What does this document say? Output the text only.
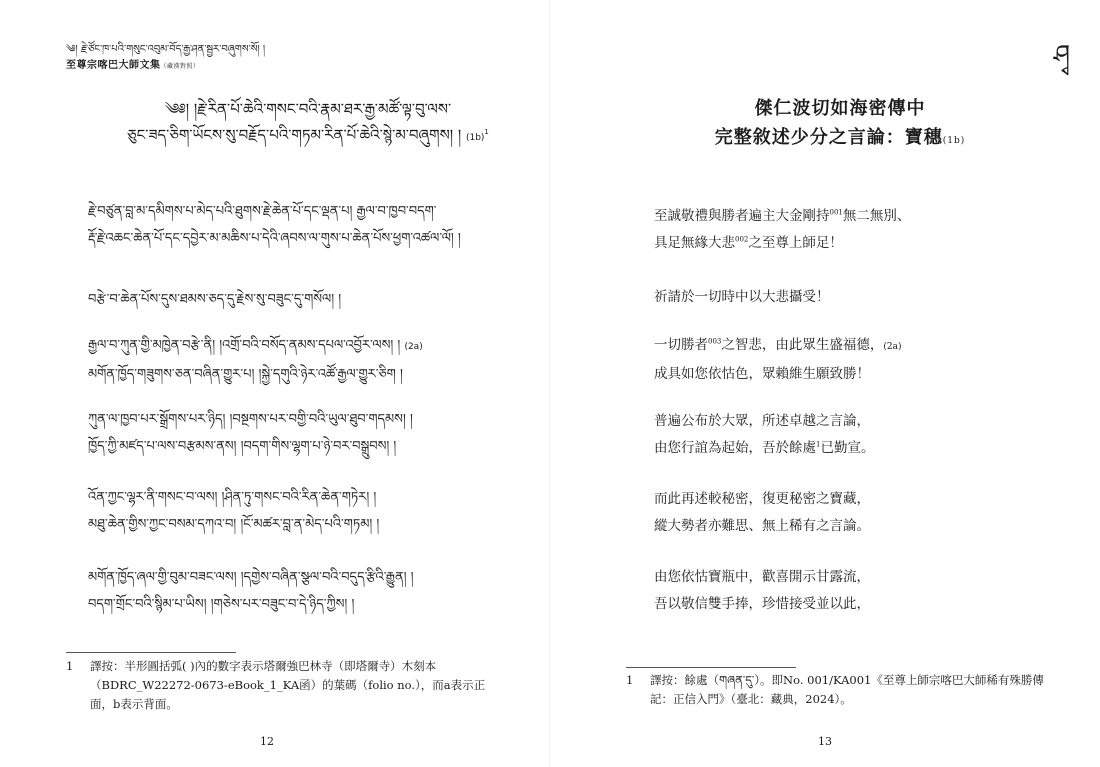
༄། རྗེ་ཙོང་ཁ་པའི་གསུང་འབུམ་བོད་རྒྱ་ཤན་སྦྱར་བཞུགས་སོ། །
至尊宗喀巴大師文集（藏漢對照）
༄༅། །རྗེ་རིན་པོ་ཆེའི་གསང་བའི་རྣམ་ཐར་རྒྱ་མཚོ་ལྟ་བུ་ལས་
ཅུང་ཟད་ཅིག་ཡོངས་སུ་བརྗོད་པའི་གཏམ་རིན་པོ་ཆེའི་སྙེ་མ་བཞུགས། ། $(1b)^1$
རྗེ་བཙུན་བླ་མ་དམིགས་པ་མེད་པའི་ཐུགས་རྗེ་ཆེན་པོ་དང་ལྡན་པ། རྒྱལ་བ་ཁྱབ་བདག་
རྡོ་རྗེ་འཆང་ཆེན་པོ་དང་དབྱེར་མ་མཆིས་པ་དེའི་ཞབས་ལ་གུས་པ་ཆེན་པོས་ཕྱག་འཚལ་ལོ། །
བརྩེ་བ་ཆེན་པོས་དུས་ཐམས་ཅད་དུ་རྗེས་སུ་བཟུང་དུ་གསོལ། །
རྒྱལ་བ་ཀུན་གྱི་མཁྱེན་བརྩེ་ནི། །འགྲོ་བའི་བསོད་ནམས་དཔལ་འབྱོར་ལས། ། (2a)
མགོན་ཁྱོད་གཟུགས་ཅན་བཞིན་གྱུར་པ། །སྐྱེ་དགུའི་ཉེར་འཚོ་རྒྱལ་གྱུར་ཅིག །
ཀུན་ལ་ཁྱབ་པར་སྒྲོགས་པར་ཉིད། །བསྔགས་པར་བགྱི་བའི་ཡུལ་ཐུབ་གདམས། །
ཁྱོད་ཀྱི་མཛད་པ་ལས་བརྩམས་ནས། །བདག་གིས་ལྷག་པ་ཉེ་བར་བསྒྲུབས། །
འོན་ཀྱང་ལྷར་ནི་གསང་བ་ལས། །ཤིན་ཏུ་གསང་བའི་རིན་ཆེན་གཏེར། །
མཐུ་ཆེན་གྱིས་ཀྱང་བསམ་དཀའ་བ། །ངོ་མཚར་བླ་ན་མེད་པའི་གཏམ། །
མགོན་ཁྱོད་ཞལ་གྱི་བུམ་བཟང་ལས། །དགྱེས་བཞིན་སྩལ་བའི་བདུད་རྩིའི་རྒྱུན། །
བདག་གྲོང་བའི་སྙིམ་པ་ཡིས། །གཅེས་པར་བཟུང་བ་དེ་ཉིད་ཀྱིས། །
1	譯按：半形圓括弧( )內的數字表示塔爾強巴林寺（即塔爾寺）木刻本（BDRC_W22272-0673-eBook_1_KA函）的葉碼（folio no.），而a表示正面，b表示背面。
12
ཤྭ
傑仁波切如海密傳中
完整敘述少分之言論：寶穗(1b)
至誠敬禮與勝者遍主大金剛持$^{001}$無二無別、
具足無緣大悲$^{002}$之至尊上師足！
祈請於一切時中以大悲攝受！
一切勝者$^{003}$之智悲，由此眾生盛福德，(2a)
成具如您依怙色，眾賴維生願致勝！
普遍公布於大眾，所述卓越之言論，
由您行誼為起始，吾於餘處$^1$已勤宣。
而此再述較秘密，復更秘密之寶藏，
縱大勢者亦難思、無上稀有之言論。
由您依怙寶瓶中，歡喜開示甘露流，
吾以敬信雙手捧，珍惜接受並以此，
1	譯按：餘處（གཞན་དུ་）。即No. 001/KA001《至尊上師宗喀巴大師稀有殊勝傳記：正信入門》（臺北：藏典，2024）。
13
